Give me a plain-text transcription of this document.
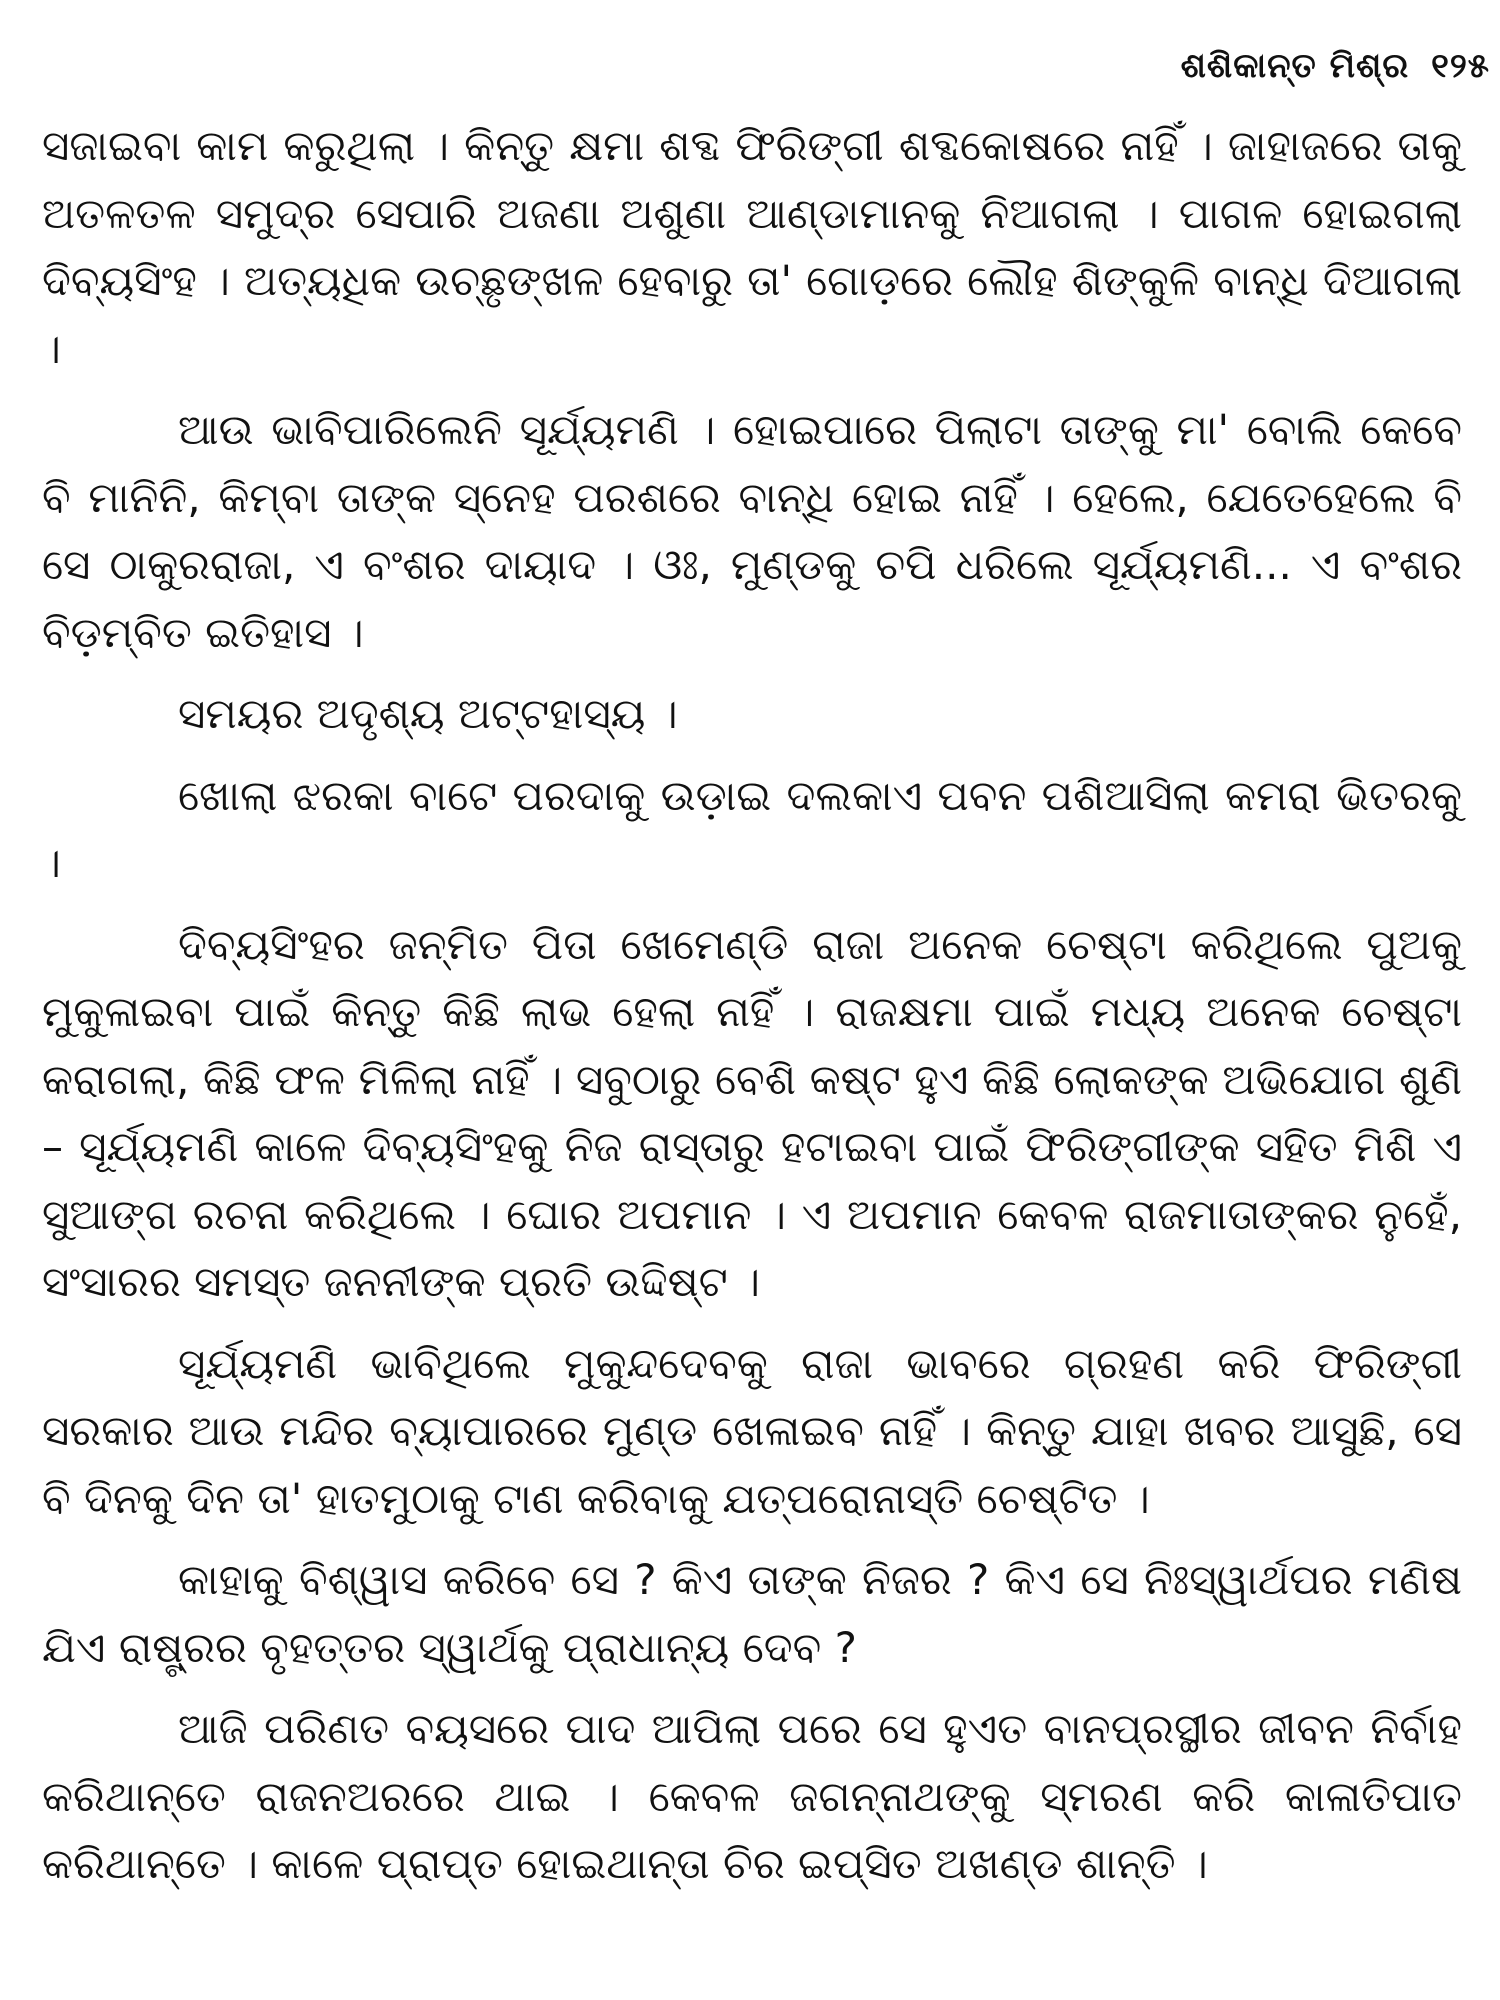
ଶଶିକାନ୍ତ ମିଶ୍ର ୧୨୫

ସଜାଇବା କାମ କରୁଥିଲା । କିନ୍ତୁ କ୍ଷମା ଶବ୍ଦ ଫିରିଙ୍ଗୀ ଶବ୍ଦକୋଷରେ ନାହିଁ । ଜାହାଜରେ ତାକୁ ଅତଳତଳ ସମୁଦ୍ର ସେପାରି ଅଜଣା ଅଶୁଣା ଆଣ୍ଡାମାନକୁ ନିଆଗଲା । ପାଗଳ ହୋଇଗଲା ଦିବ୍ୟସିଂହ । ଅତ୍ୟଧିକ ଉଚ୍ଛୃଙ୍ଖଳ ହେବାରୁ ତା' ଗୋଡ଼ରେ ଲୌହ ଶିଙ୍କୁଳି ବାନ୍ଧି ଦିଆଗଲା ।

ଆଉ ଭାବିପାରିଲେନି ସୂର୍ଯ୍ୟମଣି । ହୋଇପାରେ ପିଲାଟା ତାଙ୍କୁ ମା' ବୋଲି କେବେ ବି ମାନିନି, କିମ୍ବା ତାଙ୍କ ସ୍ନେହ ପରଶରେ ବାନ୍ଧି ହୋଇ ନାହିଁ । ହେଲେ, ଯେତେହେଲେ ବି ସେ ଠାକୁରରାଜା, ଏ ବଂଶର ଦାୟାଦ । ଓଃ, ମୁଣ୍ଡକୁ ଚପି ଧରିଲେ ସୂର୍ଯ୍ୟମଣି... ଏ ବଂଶର ବିଡ଼ମ୍ବିତ ଇତିହାସ ।

ସମୟର ଅଦୃଶ୍ୟ ଅଟ୍ଟହାସ୍ୟ ।

ଖୋଲା ଝରକା ବାଟେ ପରଦାକୁ ଉଡ଼ାଇ ଦଲକାଏ ପବନ ପଶିଆସିଲା କମରା ଭିତରକୁ ।

ଦିବ୍ୟସିଂହର ଜନ୍ମିତ ପିତା ଖେମେଣ୍ଡି ରାଜା ଅନେକ ଚେଷ୍ଟା କରିଥିଲେ ପୁଅକୁ ମୁକୁଳାଇବା ପାଇଁ କିନ୍ତୁ କିଛି ଲାଭ ହେଲା ନାହିଁ । ରାଜକ୍ଷମା ପାଇଁ ମଧ୍ୟ ଅନେକ ଚେଷ୍ଟା କରାଗଲା, କିଛି ଫଳ ମିଳିଲା ନାହିଁ । ସବୁଠାରୁ ବେଶି କଷ୍ଟ ହୁଏ କିଛି ଲୋକଙ୍କ ଅଭିଯୋଗ ଶୁଣି – ସୂର୍ଯ୍ୟମଣି କାଳେ ଦିବ୍ୟସିଂହକୁ ନିଜ ରାସ୍ତାରୁ ହଟାଇବା ପାଇଁ ଫିରିଙ୍ଗୀଙ୍କ ସହିତ ମିଶି ଏ ସୁଆଙ୍ଗ ରଚନା କରିଥିଲେ । ଘୋର ଅପମାନ । ଏ ଅପମାନ କେବଳ ରାଜମାତାଙ୍କର ନୁହେଁ, ସଂସାରର ସମସ୍ତ ଜନନୀଙ୍କ ପ୍ରତି ଉଦ୍ଦିଷ୍ଟ ।

ସୂର୍ଯ୍ୟମଣି ଭାବିଥିଲେ ମୁକୁନ୍ଦଦେବକୁ ରାଜା ଭାବରେ ଗ୍ରହଣ କରି ଫିରିଙ୍ଗୀ ସରକାର ଆଉ ମନ୍ଦିର ବ୍ୟାପାରରେ ମୁଣ୍ଡ ଖେଳାଇବ ନାହିଁ । କିନ୍ତୁ ଯାହା ଖବର ଆସୁଛି, ସେ ବି ଦିନକୁ ଦିନ ତା' ହାତମୁଠାକୁ ଟାଣ କରିବାକୁ ଯତ୍ପରୋନାସ୍ତି ଚେଷ୍ଟିତ ।

କାହାକୁ ବିଶ୍ୱାସ କରିବେ ସେ ? କିଏ ତାଙ୍କ ନିଜର ? କିଏ ସେ ନିଃସ୍ୱାର୍ଥପର ମଣିଷ ଯିଏ ରାଷ୍ଟ୍ରର ବୃହତ୍ତର ସ୍ୱାର୍ଥକୁ ପ୍ରାଧାନ୍ୟ ଦେବ ?

ଆଜି ପରିଣତ ବୟସରେ ପାଦ ଆପିଲା ପରେ ସେ ହୁଏତ ବାନପ୍ରସ୍ଥୀର ଜୀବନ ନିର୍ବାହ କରିଥାନ୍ତେ ରାଜନଅରରେ ଥାଇ । କେବଳ ଜଗନ୍ନାଥଙ୍କୁ ସ୍ମରଣ କରି କାଳାତିପାତ କରିଥାନ୍ତେ । କାଳେ ପ୍ରାପ୍ତ ହୋଇଥାନ୍ତା ଚିର ଇପ୍ସିତ ଅଖଣ୍ଡ ଶାନ୍ତି ।
